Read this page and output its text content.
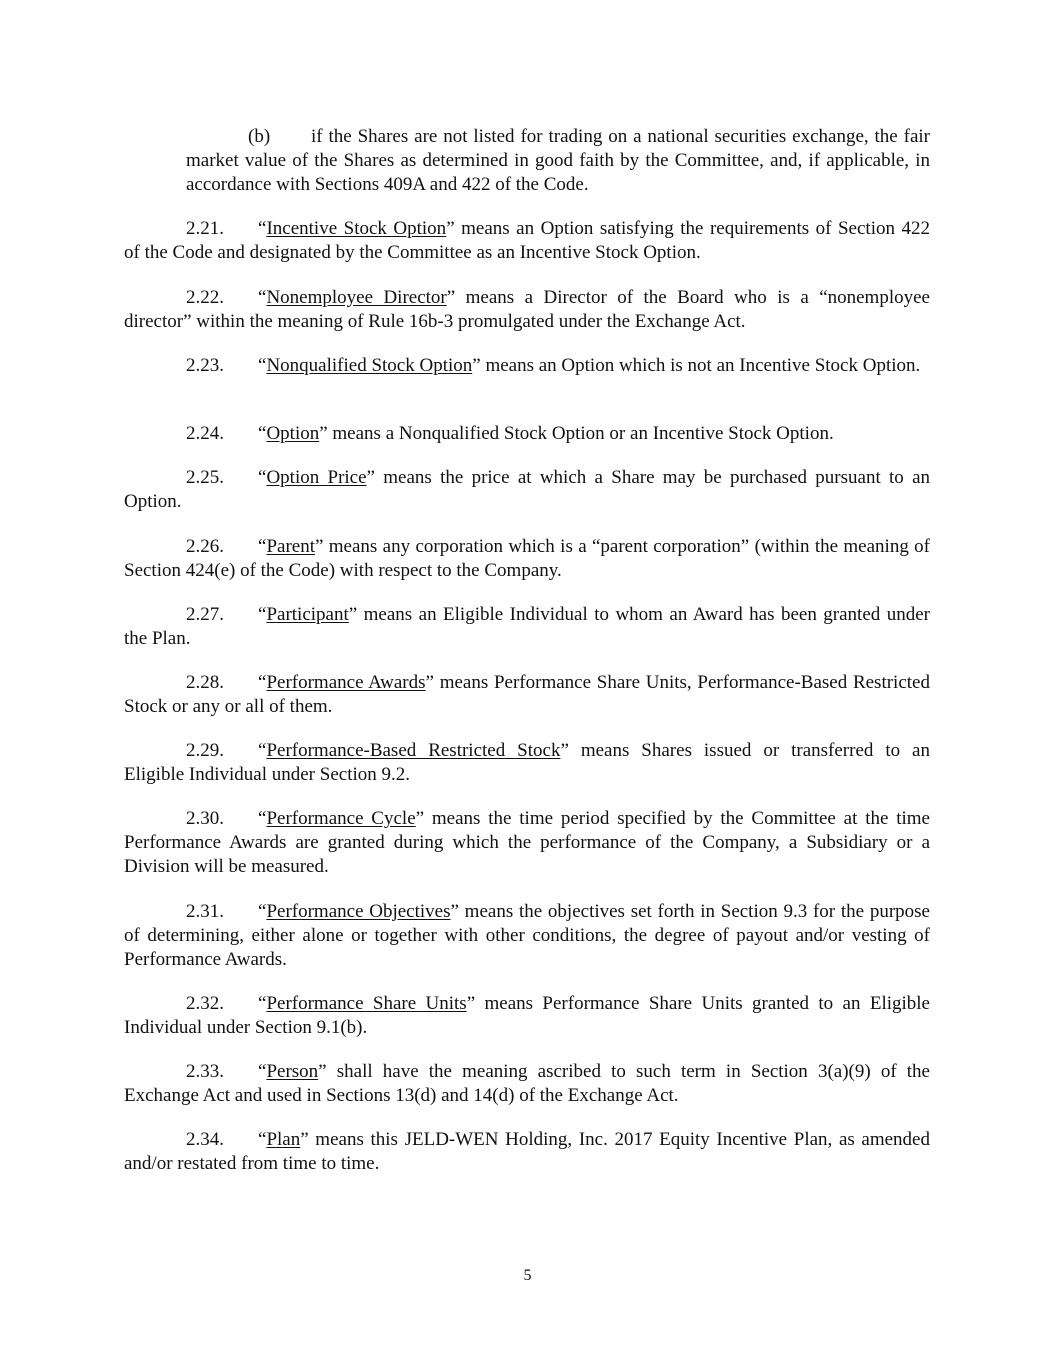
(b) if the Shares are not listed for trading on a national securities exchange, the fair market value of the Shares as determined in good faith by the Committee, and, if applicable, in accordance with Sections 409A and 422 of the Code.

2.21. “Incentive Stock Option” means an Option satisfying the requirements of Section 422 of the Code and designated by the Committee as an Incentive Stock Option.

2.22. “Nonemployee Director” means a Director of the Board who is a “nonemployee director” within the meaning of Rule 16b-3 promulgated under the Exchange Act.

2.23. “Nonqualified Stock Option” means an Option which is not an Incentive Stock Option.

2.24. “Option” means a Nonqualified Stock Option or an Incentive Stock Option.

2.25. “Option Price” means the price at which a Share may be purchased pursuant to an Option.

2.26. “Parent” means any corporation which is a “parent corporation” (within the meaning of Section 424(e) of the Code) with respect to the Company.

2.27. “Participant” means an Eligible Individual to whom an Award has been granted under the Plan.

2.28. “Performance Awards” means Performance Share Units, Performance-Based Restricted Stock or any or all of them.

2.29. “Performance-Based Restricted Stock” means Shares issued or transferred to an Eligible Individual under Section 9.2.

2.30. “Performance Cycle” means the time period specified by the Committee at the time Performance Awards are granted during which the performance of the Company, a Subsidiary or a Division will be measured.

2.31. “Performance Objectives” means the objectives set forth in Section 9.3 for the purpose of determining, either alone or together with other conditions, the degree of payout and/or vesting of Performance Awards.

2.32. “Performance Share Units” means Performance Share Units granted to an Eligible Individual under Section 9.1(b).

2.33. “Person” shall have the meaning ascribed to such term in Section 3(a)(9) of the Exchange Act and used in Sections 13(d) and 14(d) of the Exchange Act.

2.34. “Plan” means this JELD-WEN Holding, Inc. 2017 Equity Incentive Plan, as amended and/or restated from time to time.

5
